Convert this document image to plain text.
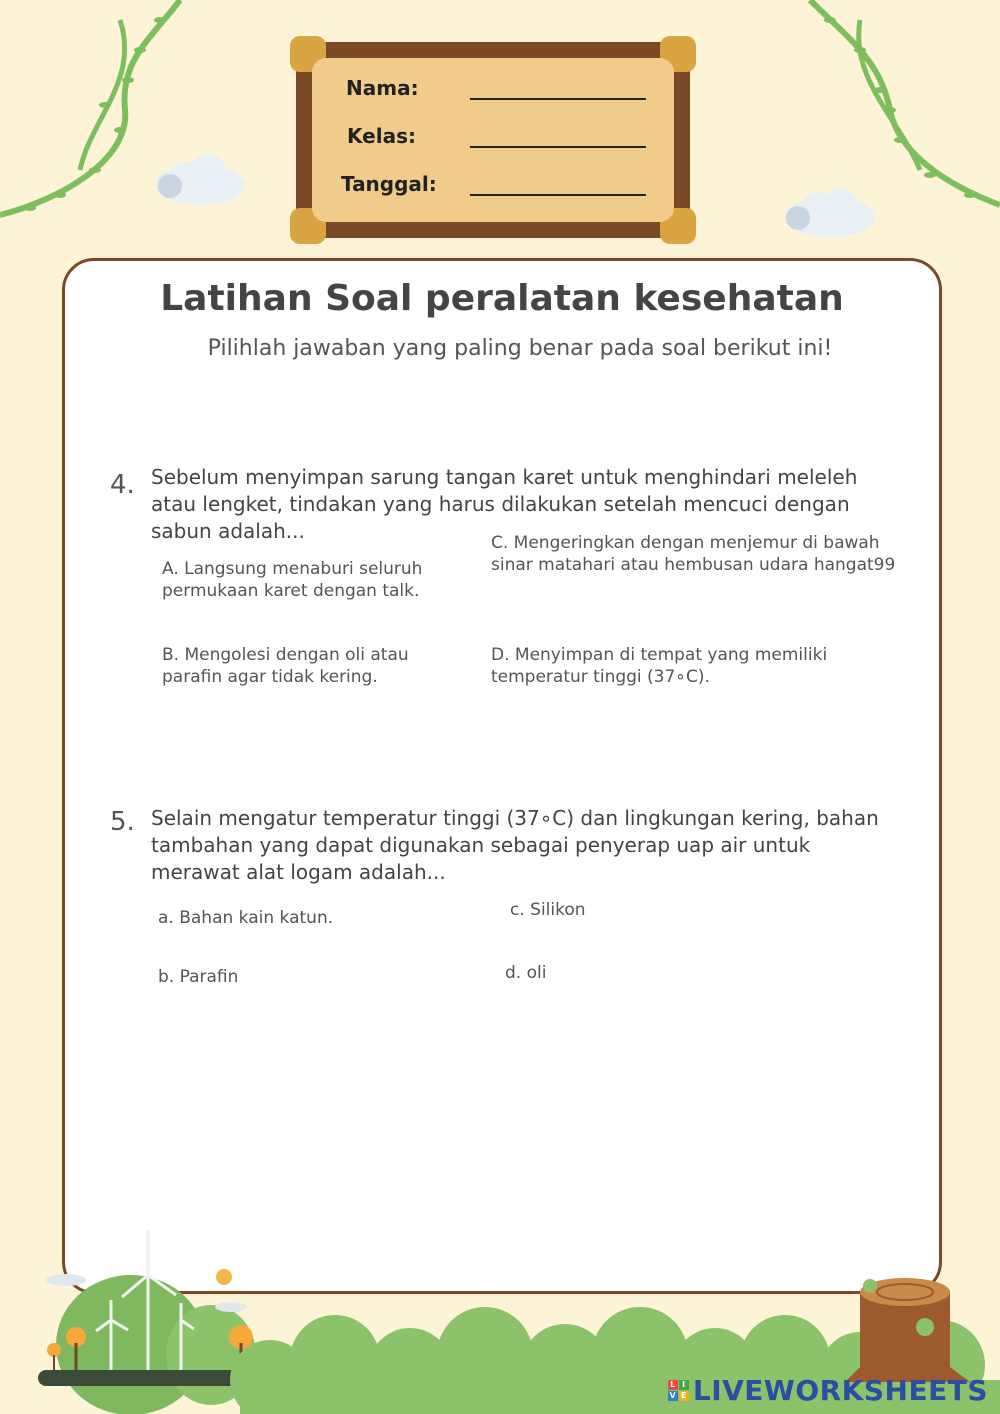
Nama:
Kelas:
Tanggal:
Latihan Soal peralatan kesehatan
Pilihlah jawaban yang paling benar pada soal berikut ini!
4. Sebelum menyimpan sarung tangan karet untuk menghindari meleleh atau lengket, tindakan yang harus dilakukan setelah mencuci dengan sabun adalah...
A. Langsung menaburi seluruh permukaan karet dengan talk.
B. Mengolesi dengan oli atau parafin agar tidak kering.
C. Mengeringkan dengan menjemur di bawah sinar matahari atau hembusan udara hangat99
D. Menyimpan di tempat yang memiliki temperatur tinggi (37∘C).
5. Selain mengatur temperatur tinggi (37∘C) dan lingkungan kering, bahan tambahan yang dapat digunakan sebagai penyerap uap air untuk merawat alat logam adalah...
a. Bahan kain katun.
b. Parafin
c. Silikon
d. oli
L I
V E LIVEWORKSHEETS
